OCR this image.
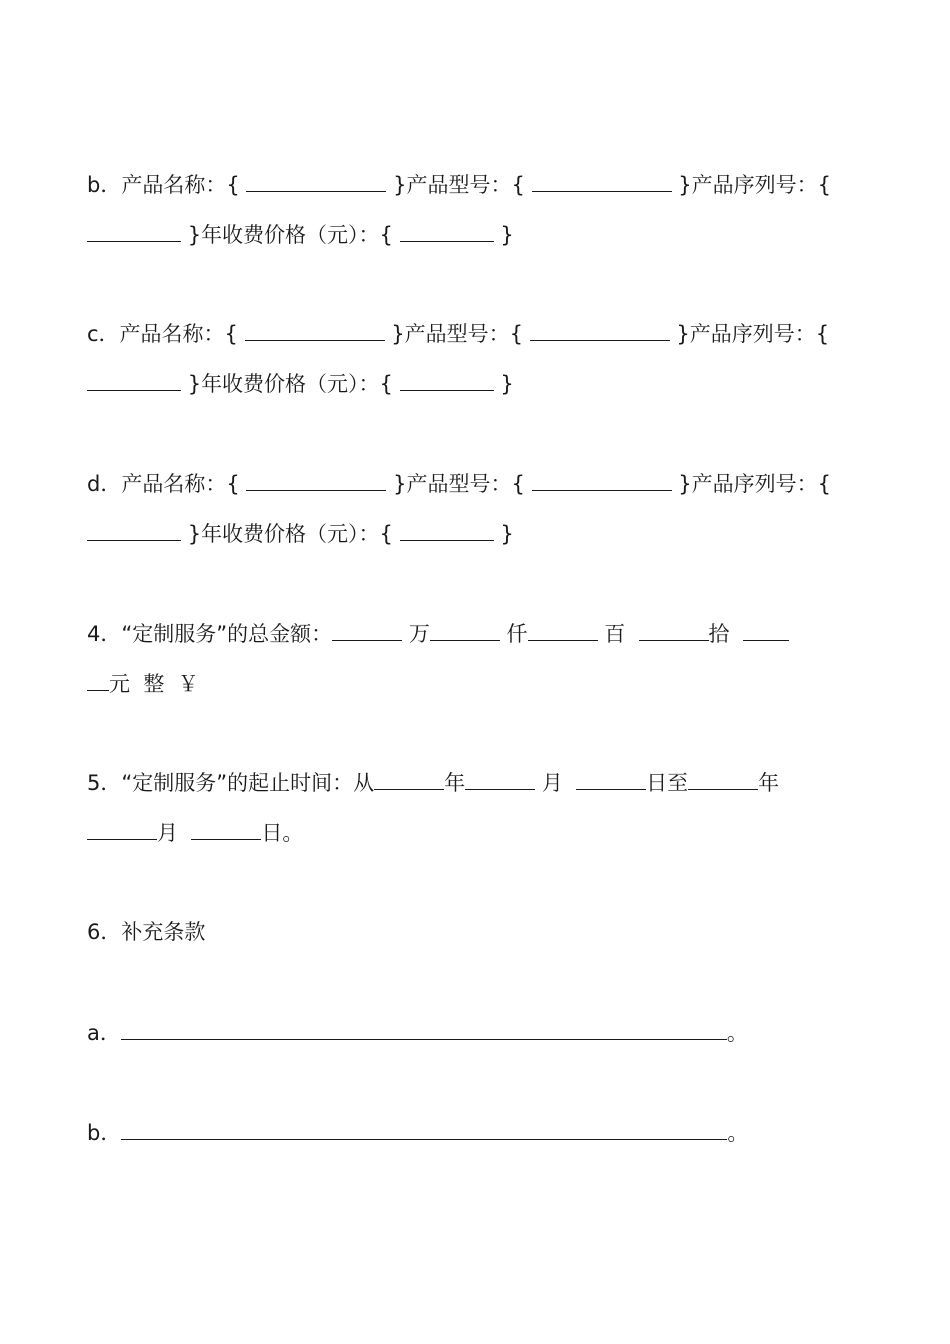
b．产品名称：{	}产品型号：{	}产品序列号：{
}年收费价格（元）：{	}
c．产品名称：{	}产品型号：{	}产品序列号：{
}年收费价格（元）：{	}
d．产品名称：{	}产品型号：{	}产品序列号：{
}年收费价格（元）：{	}
4．“定制服务”的总金额：	万	仟	百	拾
元 整 ￥
5．“定制服务”的起止时间：从	年	月	日至	年
月	日。
6．补充条款
a．	。
b．	。
